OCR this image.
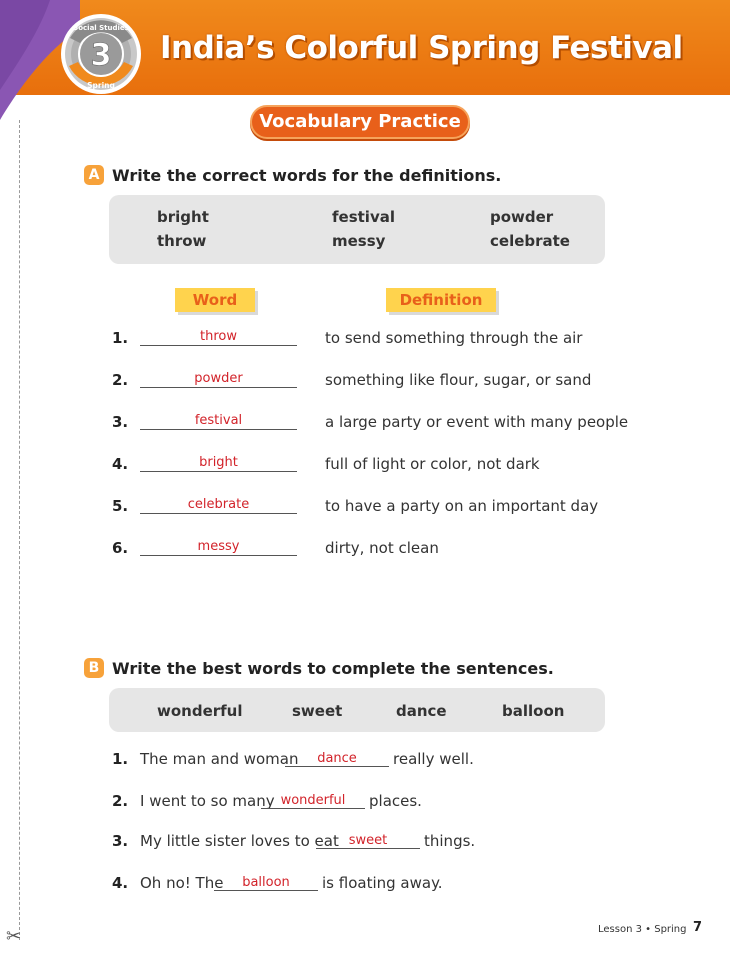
3
Social Studies
Spring
India’s Colorful Spring Festival
✂
Vocabulary Practice
A Write the correct words for the definitions.
bright	festival	powder
throw	messy	celebrate
Word	Definition
1.	throw	to send something through the air
2.	powder	something like flour, sugar, or sand
3.	festival	a large party or event with many people
4.	bright	full of light or color, not dark
5.	celebrate	to have a party on an important day
6.	messy	dirty, not clean
B Write the best words to complete the sentences.
wonderful	sweet	dance	balloon
1. The man and woman	dance	really well.
2. I went to so many wonderful	places.
3. My little sister loves to eat sweet	things.
4. Oh no! The	balloon	is floating away.
Lesson 3 • Spring 7
